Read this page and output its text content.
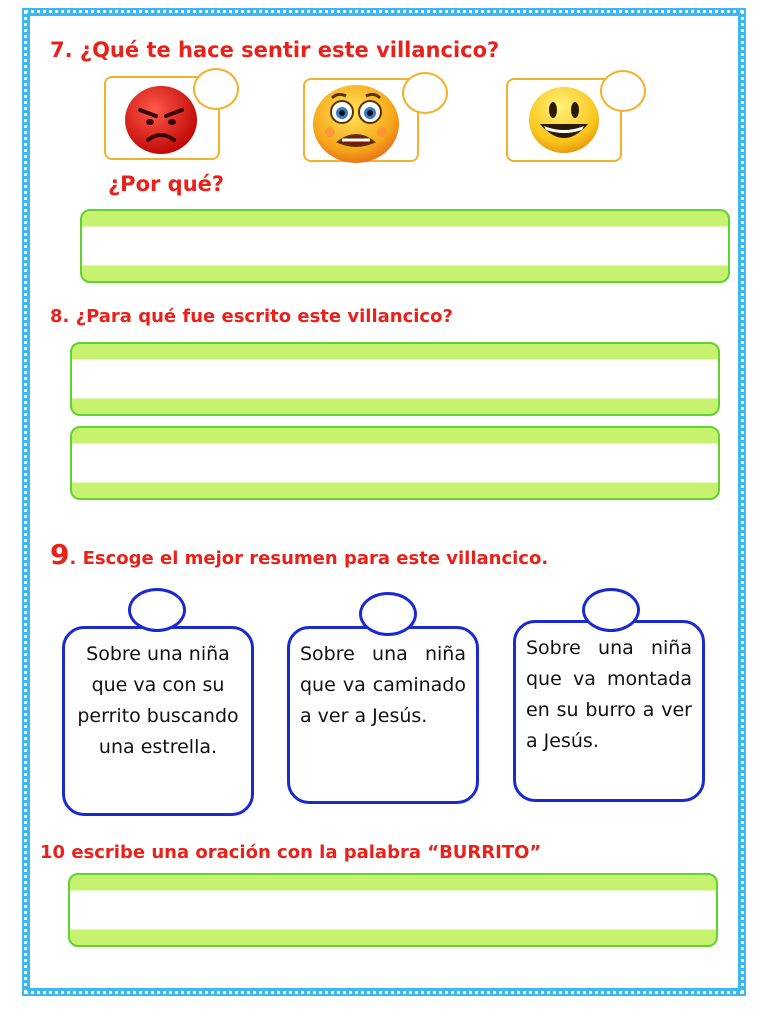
7. ¿Qué te hace sentir este villancico?
¿Por qué?
8. ¿Para qué fue escrito este villancico?
9. Escoge el mejor resumen para este villancico.
Sobre una niña que va con su perrito buscando una estrella.
Sobre una niña que va caminado a ver a Jesús.
Sobre una niña que va montada en su burro a ver a Jesús.
10 escribe una oración con la palabra “BURRITO”
